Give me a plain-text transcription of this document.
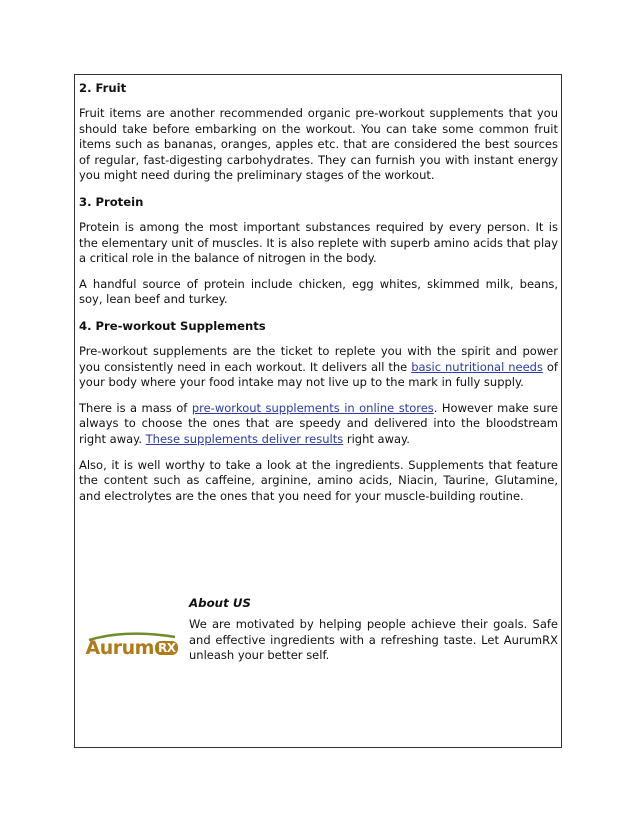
2. Fruit

Fruit items are another recommended organic pre-workout supplements that you should take before embarking on the workout. You can take some common fruit items such as bananas, oranges, apples etc. that are considered the best sources of regular, fast-digesting carbohydrates. They can furnish you with instant energy you might need during the preliminary stages of the workout.

3. Protein

Protein is among the most important substances required by every person. It is the elementary unit of muscles. It is also replete with superb amino acids that play a critical role in the balance of nitrogen in the body.

A handful source of protein include chicken, egg whites, skimmed milk, beans, soy, lean beef and turkey.

4. Pre-workout Supplements

Pre-workout supplements are the ticket to replete you with the spirit and power you consistently need in each workout. It delivers all the basic nutritional needs of your body where your food intake may not live up to the mark in fully supply.

There is a mass of pre-workout supplements in online stores. However make sure always to choose the ones that are speedy and delivered into the bloodstream right away. These supplements deliver results right away.

Also, it is well worthy to take a look at the ingredients. Supplements that feature the content such as caffeine, arginine, amino acids, Niacin, Taurine, Glutamine, and electrolytes are the ones that you need for your muscle-building routine.

Aurum RX
About US

We are motivated by helping people achieve their goals. Safe and effective ingredients with a refreshing taste. Let AurumRX unleash your better self.
